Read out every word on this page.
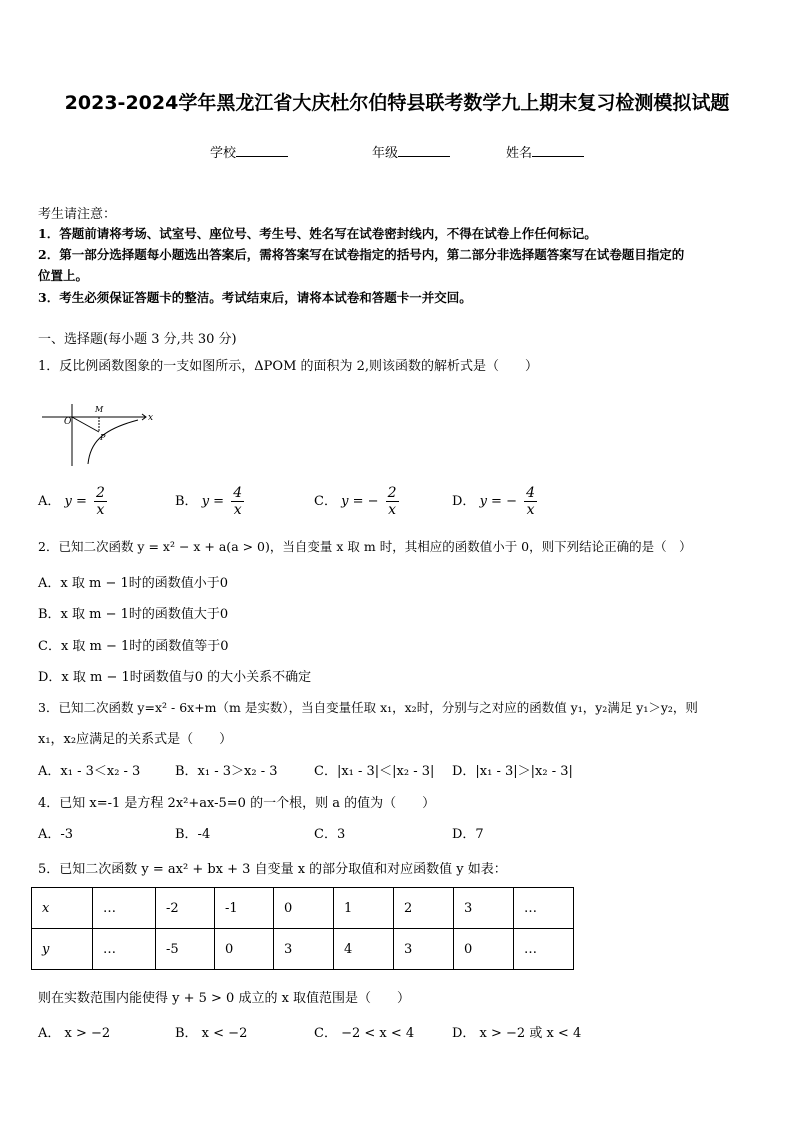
2023-2024学年黑龙江省大庆杜尔伯特县联考数学九上期末复习检测模拟试题
学校	年级	姓名
考生请注意：
1．答题前请将考场、试室号、座位号、考生号、姓名写在试卷密封线内，不得在试卷上作任何标记。
2．第一部分选择题每小题选出答案后，需将答案写在试卷指定的括号内，第二部分非选择题答案写在试卷题目指定的
位置上。
3．考生必须保证答题卡的整洁。考试结束后，请将本试卷和答题卡一并交回。
一、选择题(每小题 3 分,共 30 分)
1．反比例函数图象的一支如图所示，ΔPOM 的面积为 2,则该函数的解析式是（　　）
x
O
M
P
A． $y = \frac{2}{x}$	B． $y = \frac{4}{x}$	C． y = − $\frac{2}{x}$	D． y = − $\frac{4}{x}$
2．已知二次函数 y = x² − x + a(a > 0)，当自变量 x 取 m 时，其相应的函数值小于 0，则下列结论正确的是（　）
A．x 取 m − 1时的函数值小于0
B．x 取 m − 1时的函数值大于0
C．x 取 m − 1时的函数值等于0
D．x 取 m − 1时函数值与0 的大小关系不确定
3．已知二次函数 y=x² - 6x+m（m 是实数），当自变量任取 x₁，x₂时，分别与之对应的函数值 y₁，y₂满足 y₁＞y₂，则
x₁，x₂应满足的关系式是（　　）
A．x₁ - 3＜x₂ - 3	B．x₁ - 3＞x₂ - 3	C．|x₁ - 3|＜|x₂ - 3| D．|x₁ - 3|＞|x₂ - 3|
4．已知 x=-1 是方程 2x²+ax-5=0 的一个根，则 a 的值为（　　）
A．-3	B．-4	C．3	D．7
5．已知二次函数 y = ax² + bx + 3 自变量 x 的部分取值和对应函数值 y 如表：
x	…	-2	-1	0	1	2	3	…
y	…	-5	0	3	4	3	0	…
则在实数范围内能使得 y + 5 > 0 成立的 x 取值范围是（　　）
A． x > −2	B． x < −2	C． −2 < x < 4	D． x > −2 或 x < 4
